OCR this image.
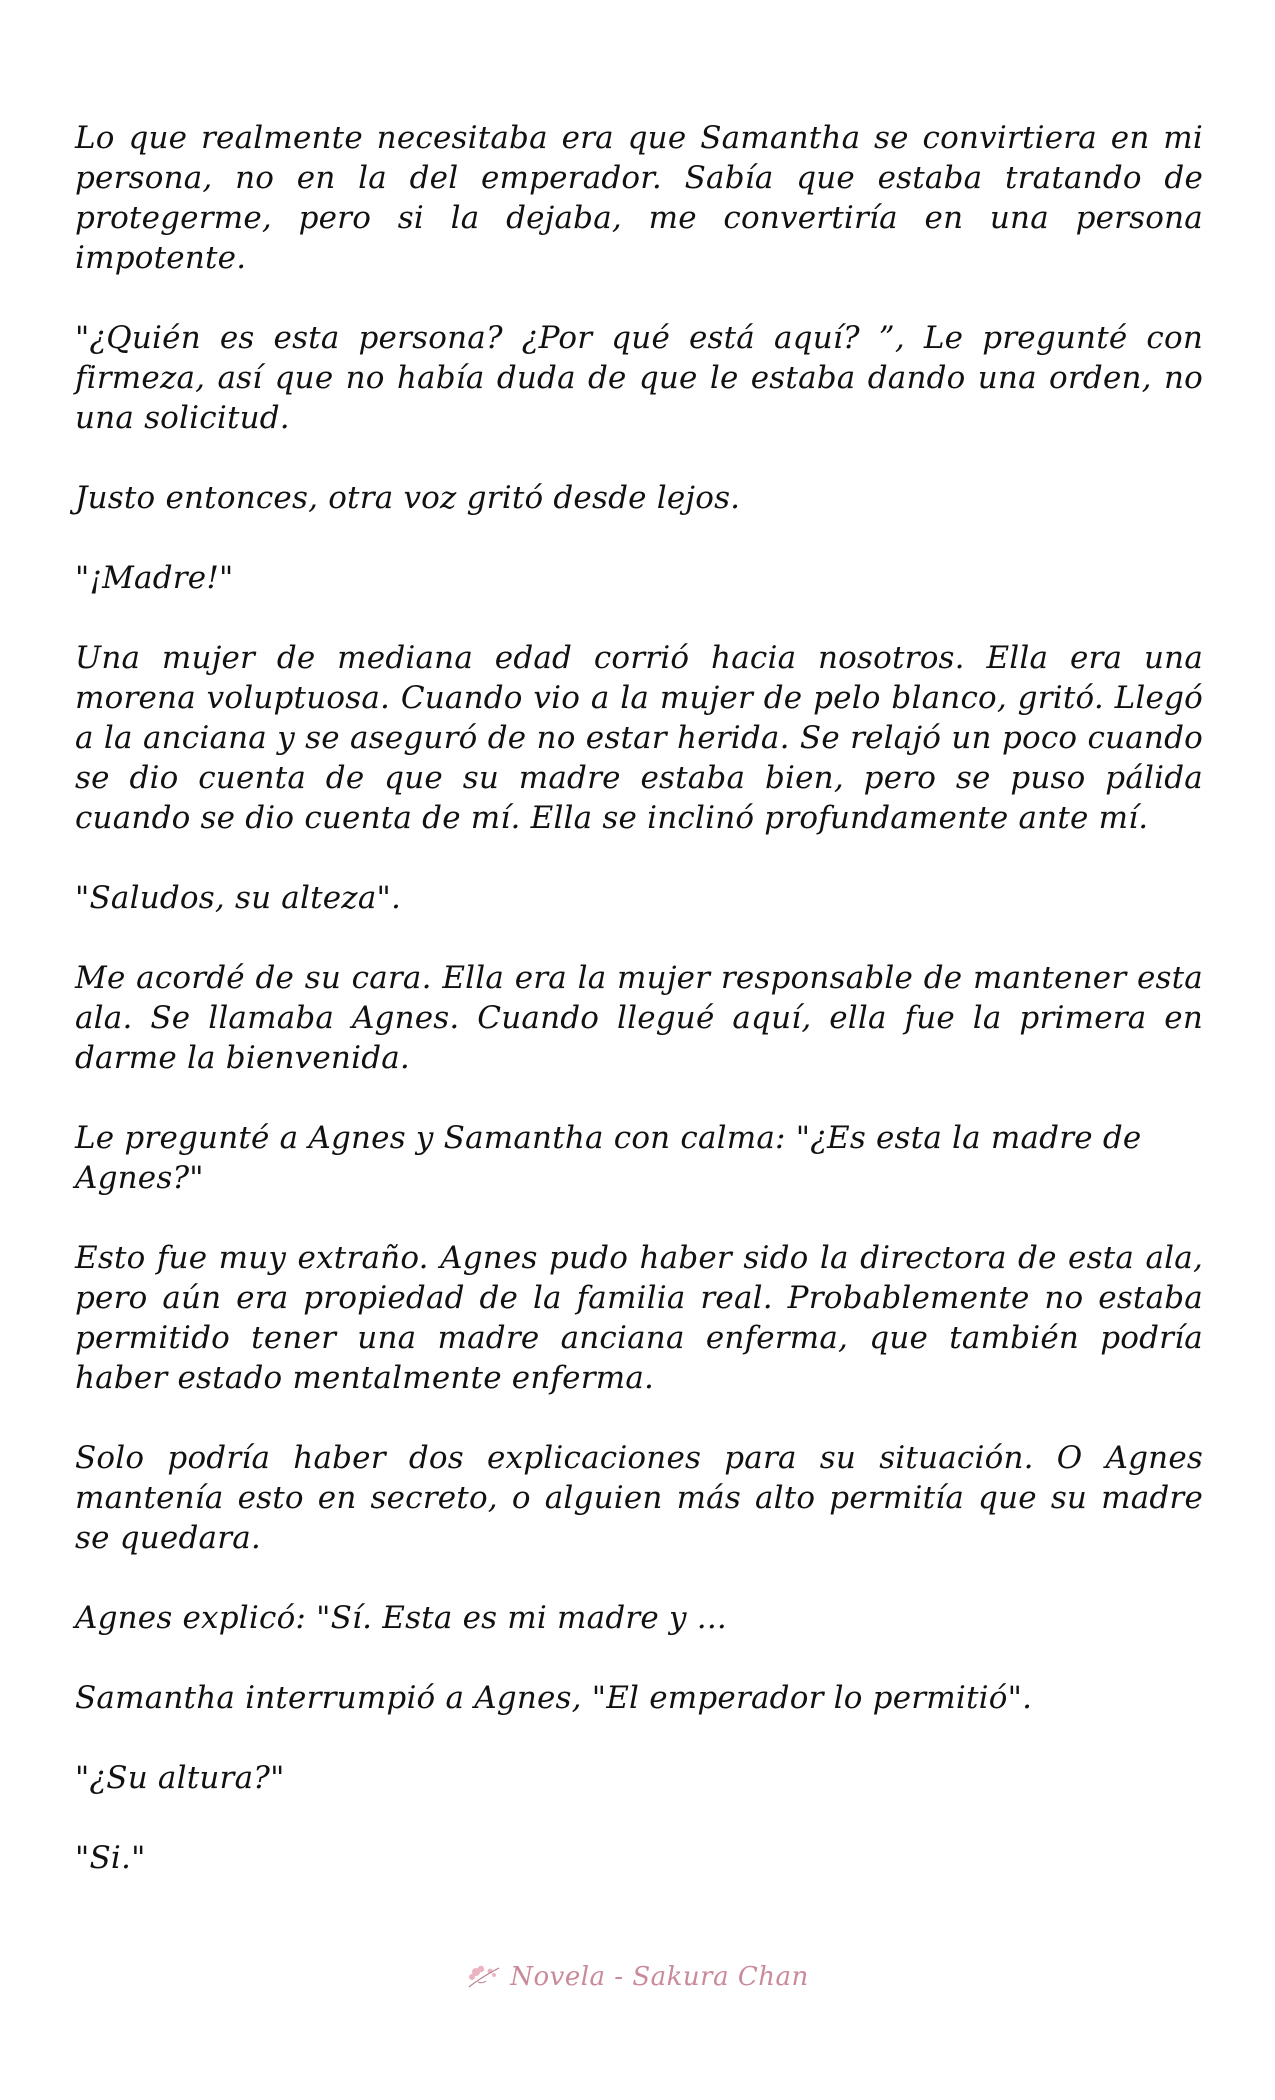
Lo que realmente necesitaba era que Samantha se convirtiera en mi persona, no en la del emperador. Sabía que estaba tratando de protegerme, pero si la dejaba, me convertiría en una persona impotente.

"¿Quién es esta persona? ¿Por qué está aquí? ”, Le pregunté con firmeza, así que no había duda de que le estaba dando una orden, no una solicitud.

Justo entonces, otra voz gritó desde lejos.

"¡Madre!"

Una mujer de mediana edad corrió hacia nosotros. Ella era una morena voluptuosa. Cuando vio a la mujer de pelo blanco, gritó. Llegó a la anciana y se aseguró de no estar herida. Se relajó un poco cuando se dio cuenta de que su madre estaba bien, pero se puso pálida cuando se dio cuenta de mí. Ella se inclinó profundamente ante mí.

"Saludos, su alteza".

Me acordé de su cara. Ella era la mujer responsable de mantener esta ala. Se llamaba Agnes. Cuando llegué aquí, ella fue la primera en darme la bienvenida.

Le pregunté a Agnes y Samantha con calma: "¿Es esta la madre de Agnes?"

Esto fue muy extraño. Agnes pudo haber sido la directora de esta ala, pero aún era propiedad de la familia real. Probablemente no estaba permitido tener una madre anciana enferma, que también podría haber estado mentalmente enferma.

Solo podría haber dos explicaciones para su situación. O Agnes mantenía esto en secreto, o alguien más alto permitía que su madre se quedara.

Agnes explicó: "Sí. Esta es mi madre y ...

Samantha interrumpió a Agnes, "El emperador lo permitió".

"¿Su altura?"

"Si."

Novela - Sakura Chan
